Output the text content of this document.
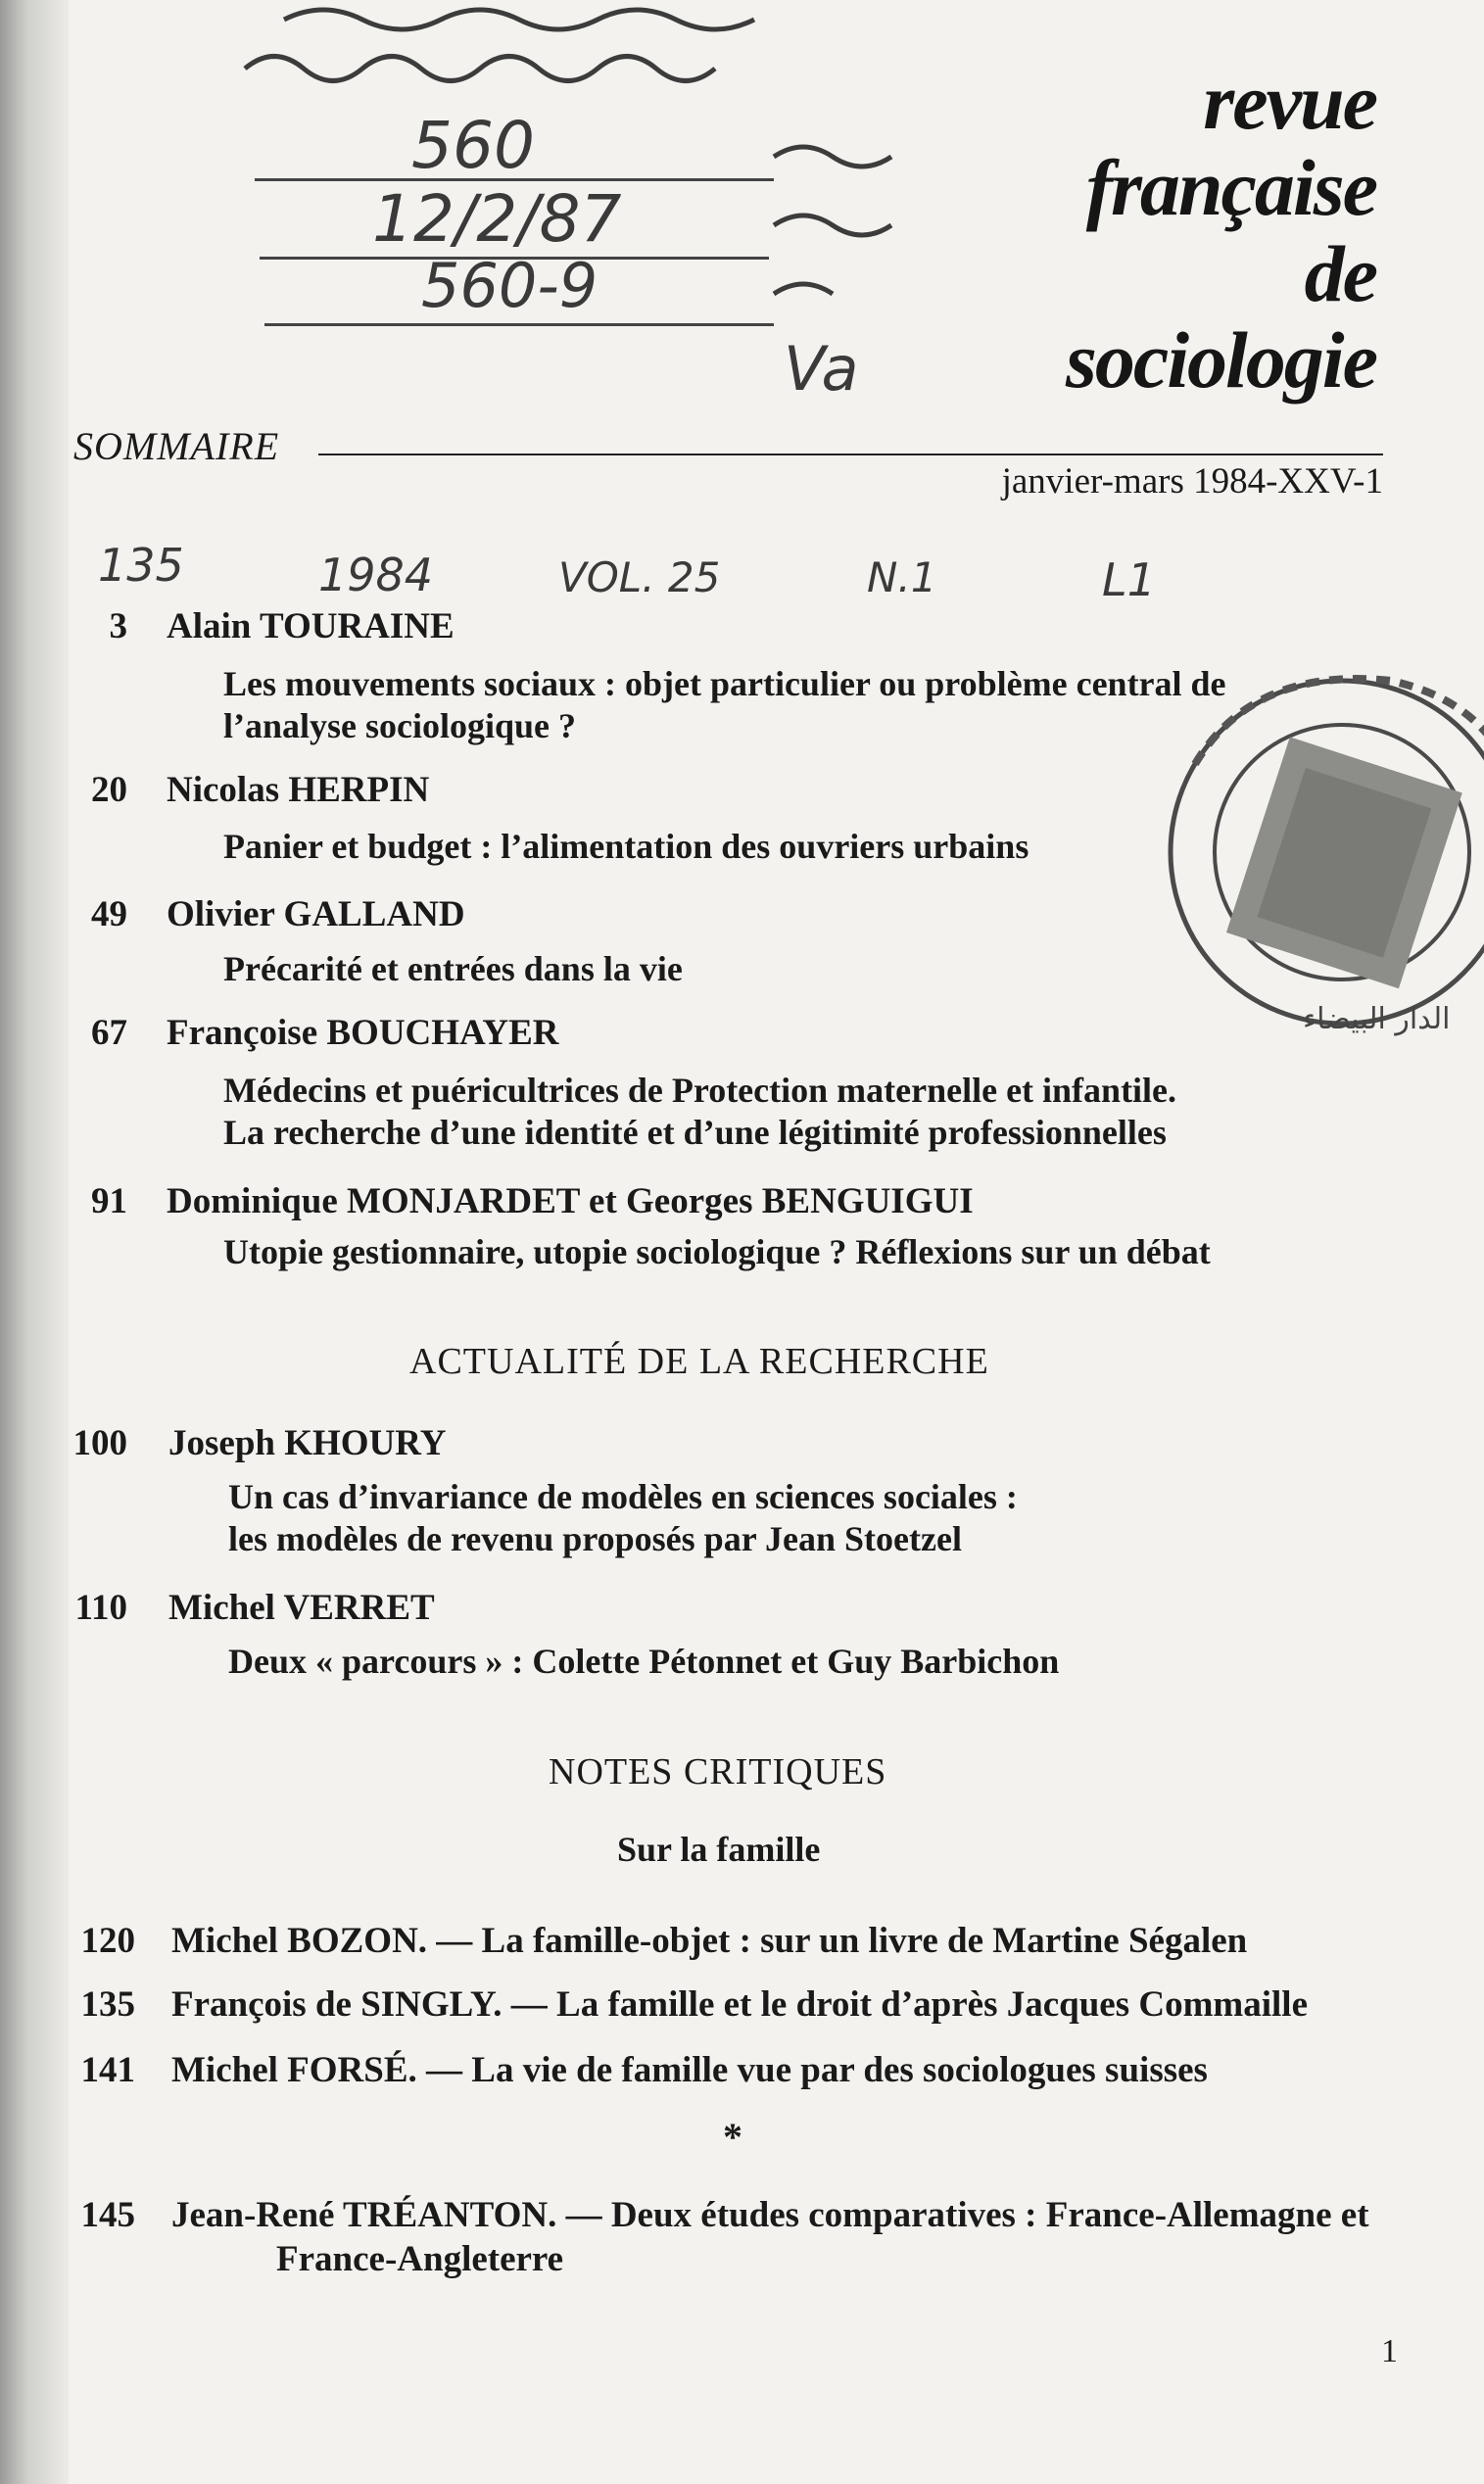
560
12/2/87
560-9
Va
revue
française
de
sociologie
SOMMAIRE
janvier-mars 1984-XXV-1
135	1984	VOL. 25	N.1	L1
3 Alain TOURAINE
Les mouvements sociaux : objet particulier ou problème central de
l’analyse sociologique ?
20 Nicolas HERPIN
Panier et budget : l’alimentation des ouvriers urbains
49 Olivier GALLAND
Précarité et entrées dans la vie
67 Françoise BOUCHAYER
Médecins et puéricultrices de Protection maternelle et infantile.
La recherche d’une identité et d’une légitimité professionnelles
91 Dominique MONJARDET et Georges BENGUIGUI
Utopie gestionnaire, utopie sociologique ? Réflexions sur un débat
ACTUALITÉ DE LA RECHERCHE
100 Joseph KHOURY
Un cas d’invariance de modèles en sciences sociales :
les modèles de revenu proposés par Jean Stoetzel
110 Michel VERRET
Deux « parcours » : Colette Pétonnet et Guy Barbichon
NOTES CRITIQUES
Sur la famille
120 Michel BOZON. — La famille-objet : sur un livre de Martine Ségalen
135 François de SINGLY. — La famille et le droit d’après Jacques Commaille
141 Michel FORSÉ. — La vie de famille vue par des sociologues suisses
*
145 Jean-René TRÉANTON. — Deux études comparatives : France-Allemagne et
France-Angleterre
1
الدار البيضاء
